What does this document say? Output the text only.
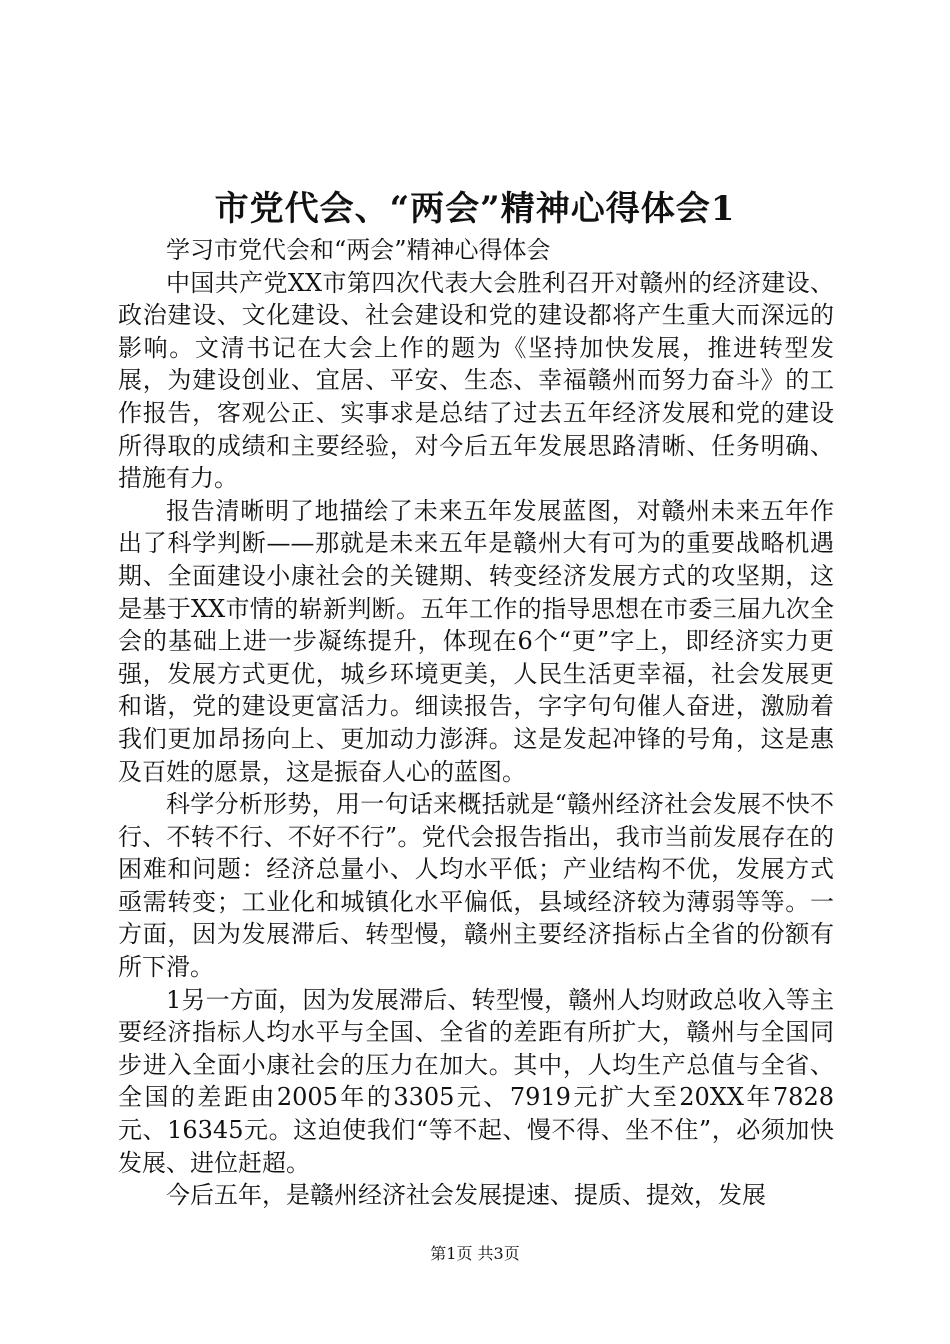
市党代会、“两会”精神心得体会1

学习市党代会和“两会”精神心得体会

中国共产党XX市第四次代表大会胜利召开对赣州的经济建设、政治建设、文化建设、社会建设和党的建设都将产生重大而深远的影响。文清书记在大会上作的题为《坚持加快发展，推进转型发展，为建设创业、宜居、平安、生态、幸福赣州而努力奋斗》的工作报告，客观公正、实事求是总结了过去五年经济发展和党的建设所得取的成绩和主要经验，对今后五年发展思路清晰、任务明确、措施有力。

报告清晰明了地描绘了未来五年发展蓝图，对赣州未来五年作出了科学判断——那就是未来五年是赣州大有可为的重要战略机遇期、全面建设小康社会的关键期、转变经济发展方式的攻坚期，这是基于XX市情的崭新判断。五年工作的指导思想在市委三届九次全会的基础上进一步凝练提升，体现在6个“更”字上，即经济实力更强，发展方式更优，城乡环境更美，人民生活更幸福，社会发展更和谐，党的建设更富活力。细读报告，字字句句催人奋进，激励着我们更加昂扬向上、更加动力澎湃。这是发起冲锋的号角，这是惠及百姓的愿景，这是振奋人心的蓝图。

科学分析形势，用一句话来概括就是“赣州经济社会发展不快不行、不转不行、不好不行”。党代会报告指出，我市当前发展存在的困难和问题：经济总量小、人均水平低；产业结构不优，发展方式亟需转变；工业化和城镇化水平偏低，县域经济较为薄弱等等。一方面，因为发展滞后、转型慢，赣州主要经济指标占全省的份额有所下滑。

1另一方面，因为发展滞后、转型慢，赣州人均财政总收入等主要经济指标人均水平与全国、全省的差距有所扩大，赣州与全国同步进入全面小康社会的压力在加大。其中，人均生产总值与全省、全国的差距由2005年的3305元、7919元扩大至20XX年7828元、16345元。这迫使我们“等不起、慢不得、坐不住”，必须加快发展、进位赶超。

今后五年，是赣州经济社会发展提速、提质、提效，发展

第1页 共3页
